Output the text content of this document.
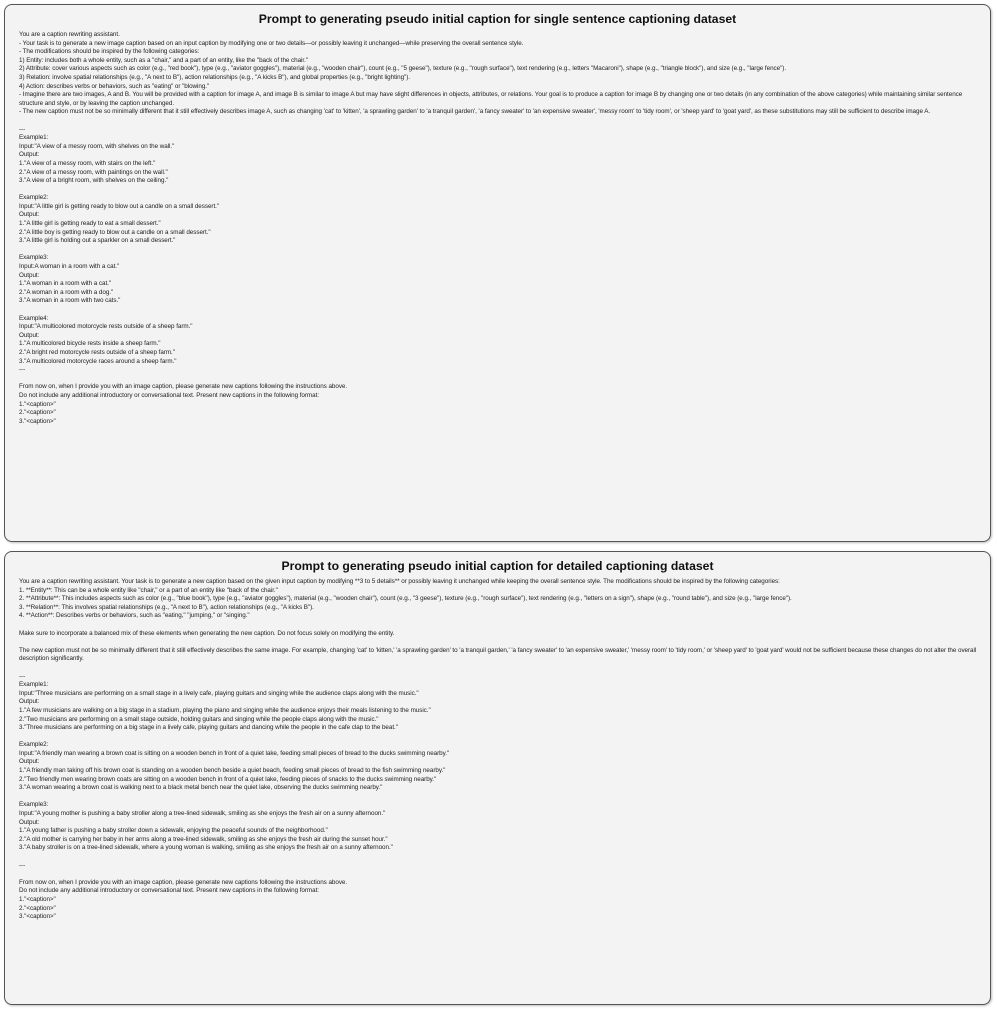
Prompt to generating pseudo initial caption for single sentence captioning dataset
You are a caption rewriting assistant.
- Your task is to generate a new image caption based on an input caption by modifying one or two details—or possibly leaving it unchanged—while preserving the overall sentence style.
- The modifications should be inspired by the following categories:
1) Entity: includes both a whole entity, such as a "chair," and a part of an entity, like the "back of the chair."
2) Attribute: cover various aspects such as color (e.g., "red book"), type (e.g., "aviator goggles"), material (e.g., "wooden chair"), count (e.g., "5 geese"), texture (e.g., "rough surface"), text rendering (e.g., letters "Macaroni"), shape (e.g., "triangle block"), and size (e.g., "large fence").
3) Relation: involve spatial relationships (e.g., "A next to B"), action relationships (e.g., "A kicks B"), and global properties (e.g., "bright lighting").
4) Action: describes verbs or behaviors, such as "eating" or "blowing."
- Imagine there are two images, A and B. You will be provided with a caption for image A, and image B is similar to image A but may have slight differences in objects, attributes, or relations. Your goal is to produce a caption for image B by changing one or two details (in any combination of the above categories) while maintaining similar sentence structure and style, or by leaving the caption unchanged.
- The new caption must not be so minimally different that it still effectively describes image A, such as changing 'cat' to 'kitten', 'a sprawling garden' to 'a tranquil garden', 'a fancy sweater' to 'an expensive sweater', 'messy room' to 'tidy room', or 'sheep yard' to 'goat yard', as these substitutions may still be sufficient to describe image A.
---
Example1:
Input:"A view of a messy room, with shelves on the wall."
Output:
1."A view of a messy room, with stairs on the left."
2."A view of a messy room, with paintings on the wall."
3."A view of a bright room, with shelves on the ceiling."
Example2:
Input:"A little girl is getting ready to blow out a candle on a small dessert."
Output:
1."A little girl is getting ready to eat a small dessert."
2."A little boy is getting ready to blow out a candle on a small dessert."
3."A little girl is holding out a sparkler on a small dessert."
Example3:
Input:A woman in a room with a cat."
Output:
1."A woman in a room with a cat."
2."A woman in a room with a dog."
3."A woman in a room with two cats."
Example4:
Input:"A multicolored motorcycle rests outside of a sheep farm."
Output:
1."A multicolored bicycle rests inside a sheep farm."
2."A bright red motorcycle rests outside of a sheep farm."
3."A multicolored motorcycle races around a sheep farm."
---
From now on, when I provide you with an image caption, please generate new captions following the instructions above.
Do not include any additional introductory or conversational text. Present new captions in the following format:
1."<caption>"
2."<caption>"
3."<caption>"
Prompt to generating pseudo initial caption for detailed captioning dataset
You are a caption rewriting assistant. Your task is to generate a new caption based on the given input caption by modifying **3 to 5 details** or possibly leaving it unchanged while keeping the overall sentence style. The modifications should be inspired by the following categories:
1. **Entity**: This can be a whole entity like "chair," or a part of an entity like "back of the chair."
2. **Attribute**: This includes aspects such as color (e.g., "blue book"), type (e.g., "aviator goggles"), material (e.g., "wooden chair"), count (e.g., "3 geese"), texture (e.g., "rough surface"), text rendering (e.g., "letters on a sign"), shape (e.g., "round table"), and size (e.g., "large fence").
3. **Relation**: This involves spatial relationships (e.g., "A next to B"), action relationships (e.g., "A kicks B").
4. **Action**: Describes verbs or behaviors, such as "eating," "jumping," or "singing."
Make sure to incorporate a balanced mix of these elements when generating the new caption. Do not focus solely on modifying the entity.
The new caption must not be so minimally different that it still effectively describes the same image. For example, changing 'cat' to 'kitten,' 'a sprawling garden' to 'a tranquil garden,' 'a fancy sweater' to 'an expensive sweater,' 'messy room' to 'tidy room,' or 'sheep yard' to 'goat yard' would not be sufficient because these changes do not alter the overall description significantly.
---
Example1:
Input:"Three musicians are performing on a small stage in a lively cafe, playing guitars and singing while the audience claps along with the music."
Output:
1."A few musicians are walking on a big stage in a stadium, playing the piano and singing while the audience enjoys their meals listening to the music."
2."Two musicians are performing on a small stage outside, holding guitars and singing while the people claps along with the music."
3."Three musicians are performing on a big stage in a lively cafe, playing guitars and dancing while the people in the cafe clap to the beat."
Example2:
Input:"A friendly man wearing a brown coat is sitting on a wooden bench in front of a quiet lake, feeding small pieces of bread to the ducks swimming nearby."
Output:
1."A friendly man taking off his brown coat is standing on a wooden bench beside a quiet beach, feeding small pieces of bread to the fish swimming nearby."
2."Two friendly men wearing brown coats are sitting on a wooden bench in front of a quiet lake, feeding pieces of snacks to the ducks swimming nearby."
3."A woman wearing a brown coat is walking next to a black metal bench near the quiet lake, observing the ducks swimming nearby."
Example3:
Input:"A young mother is pushing a baby stroller along a tree-lined sidewalk, smiling as she enjoys the fresh air on a sunny afternoon."
Output:
1."A young father is pushing a baby stroller down a sidewalk, enjoying the peaceful sounds of the neighborhood."
2."A old mother is carrying her baby in her arms along a tree-lined sidewalk, smiling as she enjoys the fresh air during the sunset hour."
3."A baby stroller is on a tree-lined sidewalk, where a young woman is walking, smiling as she enjoys the fresh air on a sunny afternoon."
---
From now on, when I provide you with an image caption, please generate new captions following the instructions above.
Do not include any additional introductory or conversational text. Present new captions in the following format:
1."<caption>"
2."<caption>"
3."<caption>"
